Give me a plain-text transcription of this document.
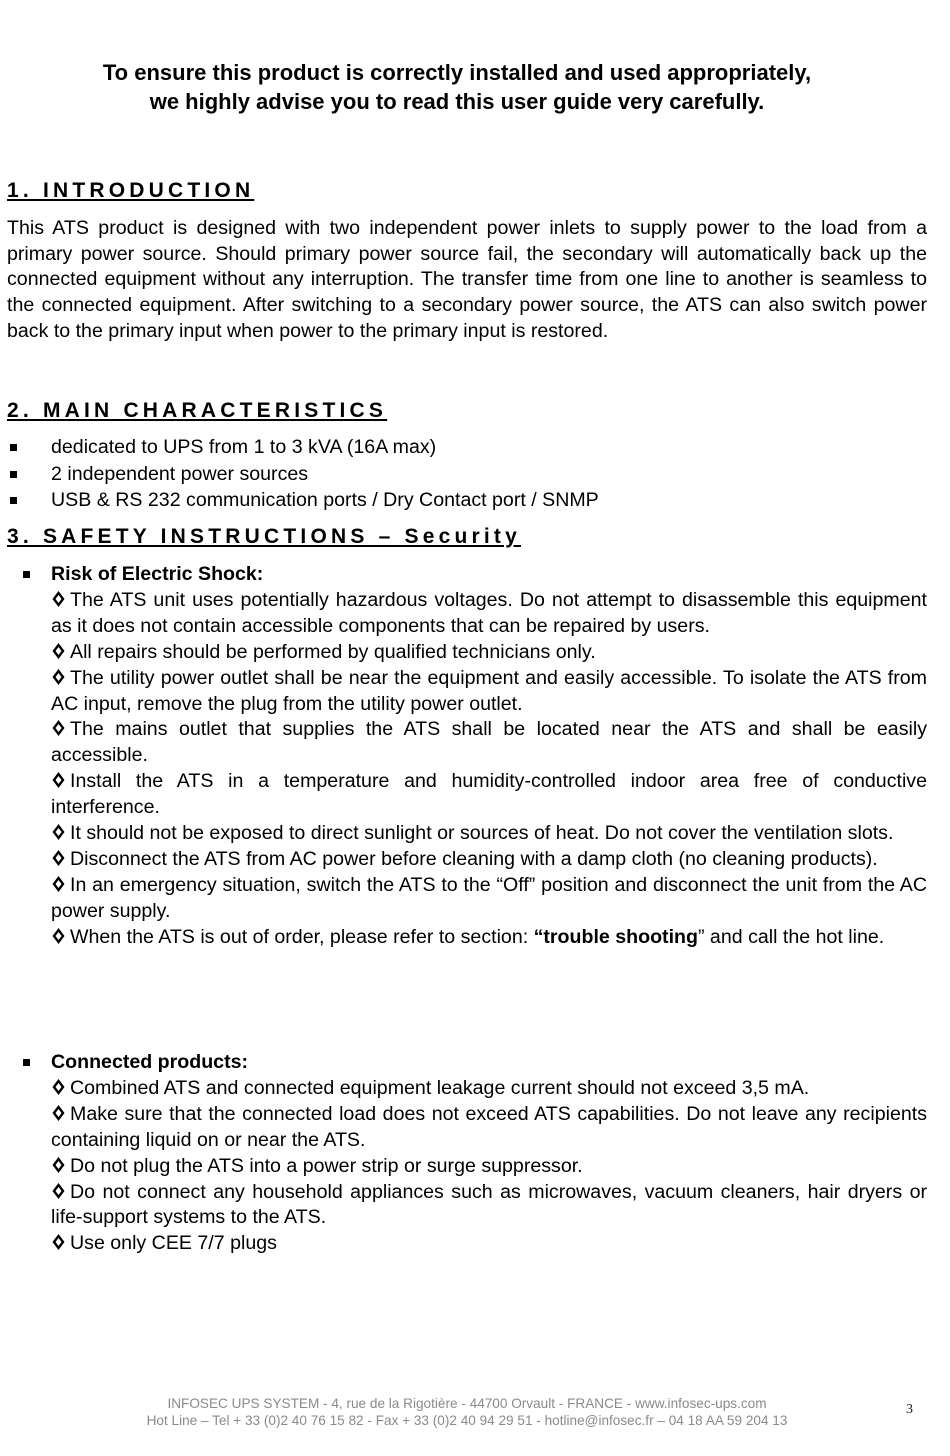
To ensure this product is correctly installed and used appropriately,
we highly advise you to read this user guide very carefully.
1. INTRODUCTION
This ATS product is designed with two independent power inlets to supply power to the load from a primary power source. Should primary power source fail, the secondary will automatically back up the connected equipment without any interruption. The transfer time from one line to another is seamless to the connected equipment. After switching to a secondary power source, the ATS can also switch power back to the primary input when power to the primary input is restored.
2. MAIN CHARACTERISTICS
dedicated to UPS from 1 to 3 kVA (16A max)
2 independent power sources
USB & RS 232 communication ports / Dry Contact port / SNMP
3. SAFETY INSTRUCTIONS – Security
Risk of Electric Shock:
The ATS unit uses potentially hazardous voltages. Do not attempt to disassemble this equipment as it does not contain accessible components that can be repaired by users.
All repairs should be performed by qualified technicians only.
The utility power outlet shall be near the equipment and easily accessible. To isolate the ATS from AC input, remove the plug from the utility power outlet.
The mains outlet that supplies the ATS shall be located near the ATS and shall be easily accessible.
Install the ATS in a temperature and humidity-controlled indoor area free of conductive interference.
It should not be exposed to direct sunlight or sources of heat. Do not cover the ventilation slots.
Disconnect the ATS from AC power before cleaning with a damp cloth (no cleaning products).
In an emergency situation, switch the ATS to the “Off” position and disconnect the unit from the AC power supply.
When the ATS is out of order, please refer to section: “trouble shooting” and call the hot line.
Connected products:
Combined ATS and connected equipment leakage current should not exceed 3,5 mA.
Make sure that the connected load does not exceed ATS capabilities. Do not leave any recipients containing liquid on or near the ATS.
Do not plug the ATS into a power strip or surge suppressor.
Do not connect any household appliances such as microwaves, vacuum cleaners, hair dryers or life-support systems to the ATS.
Use only CEE 7/7 plugs
INFOSEC UPS SYSTEM - 4, rue de la Rigotière - 44700 Orvault - FRANCE - www.infosec-ups.com
Hot Line – Tel + 33 (0)2 40 76 15 82 - Fax + 33 (0)2 40 94 29 51 - hotline@infosec.fr – 04 18 AA 59 204 13
3
